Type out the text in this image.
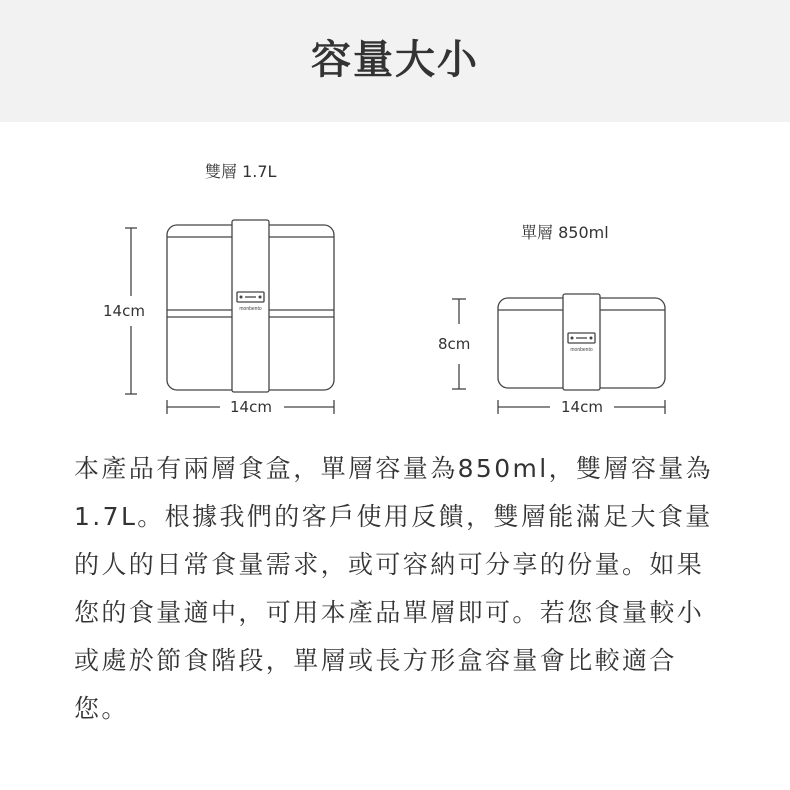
容量大小
雙層 1.7L
monbento
monbento
14cm
14cm
單層 850ml
8cm
14cm
本產品有兩層食盒，單層容量為850ml，雙層容量為1.7L。根據我們的客戶使用反饋，雙層能滿足大食量的人的日常食量需求，或可容納可分享的份量。如果您的食量適中，可用本產品單層即可。若您食量較小或處於節食階段，單層或長方形盒容量會比較適合您。
